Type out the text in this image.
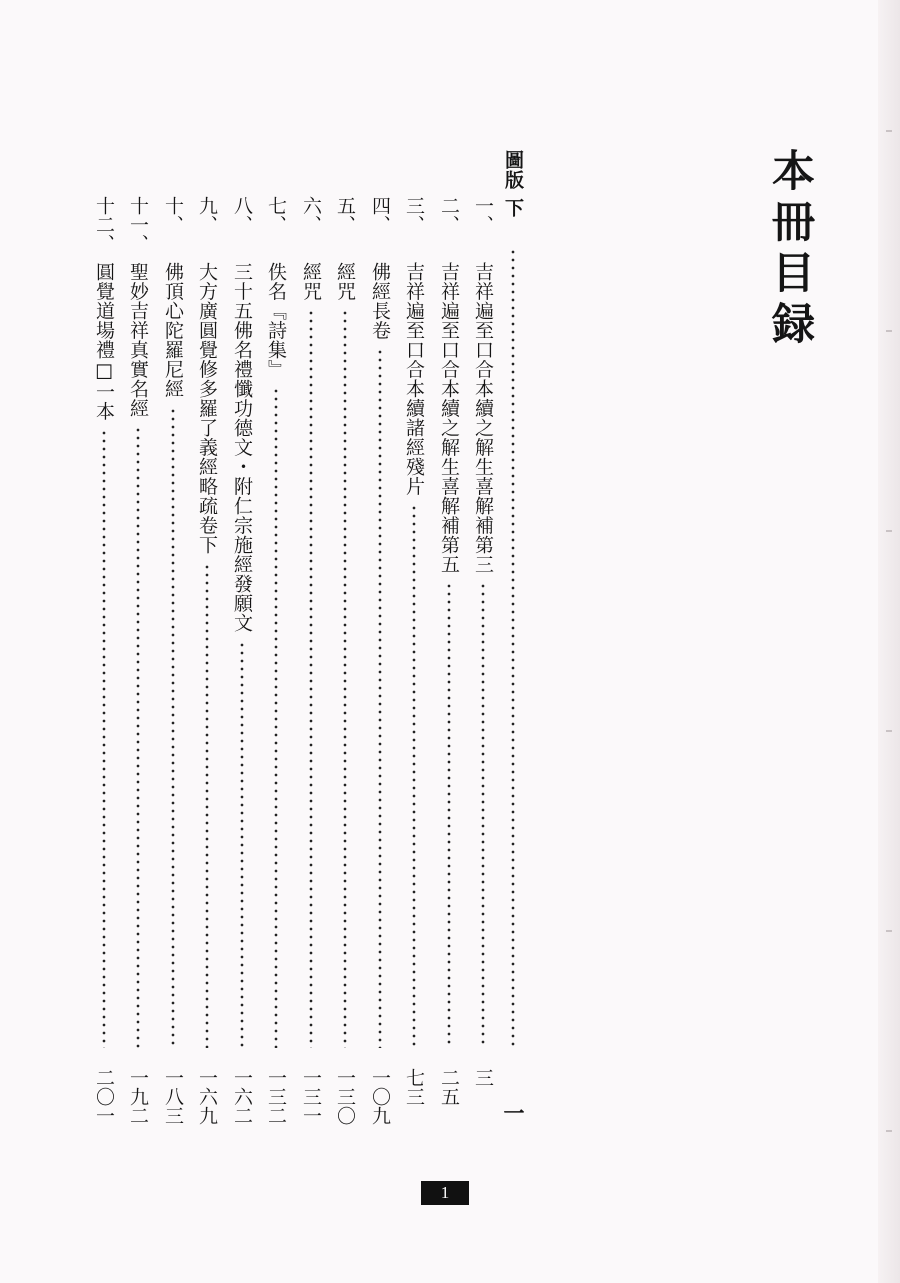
本冊目録
圖版 下
一
一、
吉祥遍至口合本續之解生喜解補第三
三
二、
吉祥遍至口合本續之解生喜解補第五
二五
三、
吉祥遍至口合本續諸經殘片
七三
四、
佛經長卷
一〇九
五、
經咒
一三〇
六、
經咒
一三一
七、
佚名『詩集』
一三二
八、
三十五佛名禮懺功德文・附仁宗施經發願文
一六二
九、
大方廣圓覺修多羅了義經略疏卷下
一六九
十、
佛頂心陀羅尼經
一八三
十一、
聖妙吉祥真實名經
一九二
十二、
圓覺道場禮□一本
二〇一
1
